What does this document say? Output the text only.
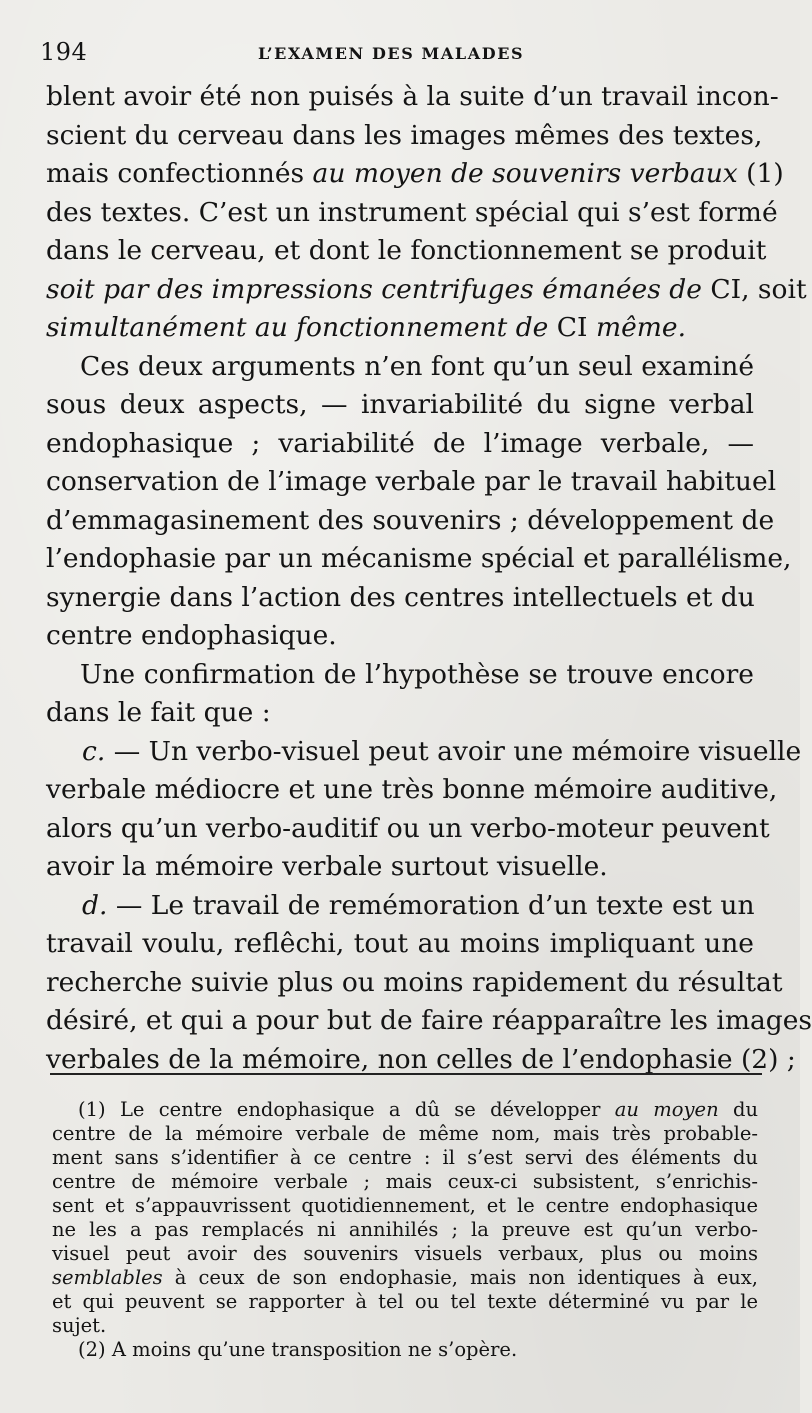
194	L’EXAMEN DES MALADES
blent avoir été non puisés à la suite d’un travail incon-
scient du cerveau dans les images mêmes des textes,
mais confectionnés au moyen de souvenirs verbaux (1)
des textes. C’est un instrument spécial qui s’est formé
dans le cerveau, et dont le fonctionnement se produit
soit par des impressions centrifuges émanées de CI, soit
simultanément au fonctionnement de CI même.
Ces deux arguments n’en font qu’un seul examiné
sous deux aspects, — invariabilité du signe verbal
endophasique ; variabilité de l’image verbale, —
conservation de l’image verbale par le travail habituel
d’emmagasinement des souvenirs ; développement de
l’endophasie par un mécanisme spécial et parallélisme,
synergie dans l’action des centres intellectuels et du
centre endophasique.
Une confirmation de l’hypothèse se trouve encore
dans le fait que :
c. — Un verbo-visuel peut avoir une mémoire visuelle
verbale médiocre et une très bonne mémoire auditive,
alors qu’un verbo-auditif ou un verbo-moteur peuvent
avoir la mémoire verbale surtout visuelle.
d. — Le travail de remémoration d’un texte est un
travail voulu, reflêchi, tout au moins impliquant une
recherche suivie plus ou moins rapidement du résultat
désiré, et qui a pour but de faire réapparaître les images
verbales de la mémoire, non celles de l’endophasie (2) ;
(1) Le centre endophasique a dû se développer au moyen du
centre de la mémoire verbale de même nom, mais très probable-
ment sans s’identifier à ce centre : il s’est servi des éléments du
centre de mémoire verbale ; mais ceux-ci subsistent, s’enrichis-
sent et s’appauvrissent quotidiennement, et le centre endophasique
ne les a pas remplacés ni annihilés ; la preuve est qu’un verbo-
visuel peut avoir des souvenirs visuels verbaux, plus ou moins
semblables à ceux de son endophasie, mais non identiques à eux,
et qui peuvent se rapporter à tel ou tel texte déterminé vu par le
sujet.
(2) A moins qu’une transposition ne s’opère.
